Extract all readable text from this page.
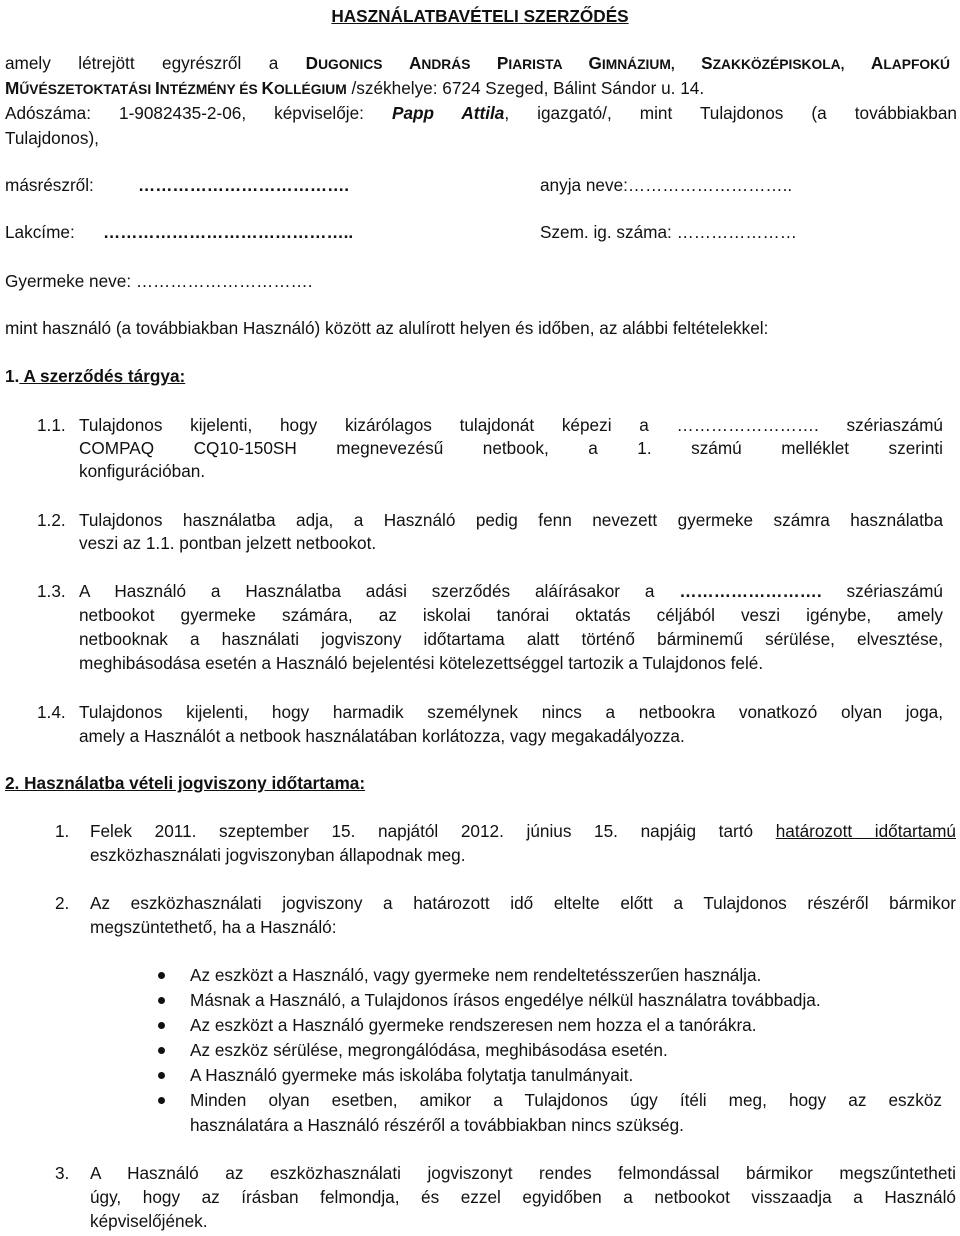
HASZNÁLATBAVÉTELI SZERZŐDÉS
amely létrejött egyrészről a DUGONICS ANDRÁS PIARISTA GIMNÁZIUM, SZAKKÖZÉPISKOLA, ALAPFOKÚ
MŰVÉSZETOKTATÁSI INTÉZMÉNY ÉS KOLLÉGIUM /székhelye: 6724 Szeged, Bálint Sándor u. 14.
Adószáma: 1-9082435-2-06, képviselője: Papp Attila, igazgató/, mint Tulajdonos (a továbbiakban
Tulajdonos),
másrészről:	……………………………….	anyja neve:………………………..
Lakcíme: ……………………………………..	Szem. ig. száma: …………………
Gyermeke neve: ………………………….
mint használó (a továbbiakban Használó) között az alulírott helyen és időben, az alábbi feltételekkel:
1. A szerződés tárgya:
1.1. Tulajdonos kijelenti, hogy kizárólagos tulajdonát képezi a ……………………. szériaszámú
COMPAQ CQ10-150SH megnevezésű netbook, a 1. számú melléklet szerinti
konfigurációban.
1.2. Tulajdonos használatba adja, a Használó pedig fenn nevezett gyermeke számra használatba
veszi az 1.1. pontban jelzett netbookot.
1.3. A Használó a Használatba adási szerződés aláírásakor a ……………………. szériaszámú
netbookot gyermeke számára, az iskolai tanórai oktatás céljából veszi igénybe, amely
netbooknak a használati jogviszony időtartama alatt történő bárminemű sérülése, elvesztése,
meghibásodása esetén a Használó bejelentési kötelezettséggel tartozik a Tulajdonos felé.
1.4. Tulajdonos kijelenti, hogy harmadik személynek nincs a netbookra vonatkozó olyan joga,
amely a Használót a netbook használatában korlátozza, vagy megakadályozza.
2. Használatba vételi jogviszony időtartama:
1. Felek 2011. szeptember 15. napjától 2012. június 15. napjáig tartó határozott időtartamú
eszközhasználati jogviszonyban állapodnak meg.
2. Az eszközhasználati jogviszony a határozott idő eltelte előtt a Tulajdonos részéről bármikor
megszüntethető, ha a Használó:
Az eszközt a Használó, vagy gyermeke nem rendeltetésszerűen használja.
Másnak a Használó, a Tulajdonos írásos engedélye nélkül használatra továbbadja.
Az eszközt a Használó gyermeke rendszeresen nem hozza el a tanórákra.
Az eszköz sérülése, megrongálódása, meghibásodása esetén.
A Használó gyermeke más iskolába folytatja tanulmányait.
Minden olyan esetben, amikor a Tulajdonos úgy ítéli meg, hogy az eszköz
használatára a Használó részéről a továbbiakban nincs szükség.
3. A Használó az eszközhasználati jogviszonyt rendes felmondással bármikor megszűntetheti
úgy, hogy az írásban felmondja, és ezzel egyidőben a netbookot visszaadja a Használó
képviselőjének.
